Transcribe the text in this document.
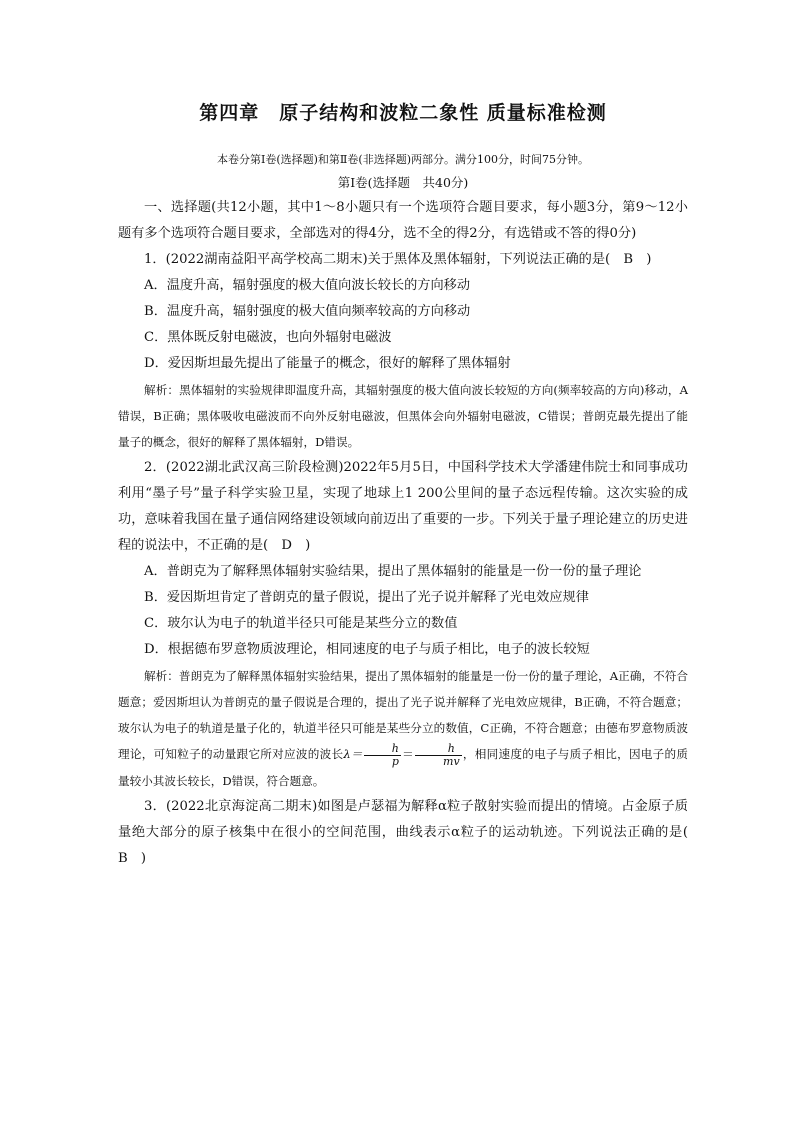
第四章　原子结构和波粒二象性 质量标准检测

本卷分第Ⅰ卷(选择题)和第Ⅱ卷(非选择题)两部分。满分100分，时间75分钟。

第Ⅰ卷(选择题　共40分)

一、选择题(共12小题，其中1～8小题只有一个选项符合题目要求，每小题3分，第9～12小题有多个选项符合题目要求，全部选对的得4分，选不全的得2分，有选错或不答的得0分)

1．(2022湖南益阳平高学校高二期末)关于黑体及黑体辐射，下列说法正确的是(　B　)

A．温度升高，辐射强度的极大值向波长较长的方向移动

B．温度升高，辐射强度的极大值向频率较高的方向移动

C．黑体既反射电磁波，也向外辐射电磁波

D．爱因斯坦最先提出了能量子的概念，很好的解释了黑体辐射

解析：黑体辐射的实验规律即温度升高，其辐射强度的极大值向波长较短的方向(频率较高的方向)移动，A错误，B正确；黑体吸收电磁波而不向外反射电磁波，但黑体会向外辐射电磁波，C错误；普朗克最先提出了能量子的概念，很好的解释了黑体辐射，D错误。

2．(2022湖北武汉高三阶段检测)2022年5月5日，中国科学技术大学潘建伟院士和同事成功利用“墨子号”量子科学实验卫星，实现了地球上1 200公里间的量子态远程传输。这次实验的成功，意味着我国在量子通信网络建设领域向前迈出了重要的一步。下列关于量子理论建立的历史进程的说法中，不正确的是(　D　)

A．普朗克为了解释黑体辐射实验结果，提出了黑体辐射的能量是一份一份的量子理论

B．爱因斯坦肯定了普朗克的量子假说，提出了光子说并解释了光电效应规律

C．玻尔认为电子的轨道半径只可能是某些分立的数值

D．根据德布罗意物质波理论，相同速度的电子与质子相比，电子的波长较短

解析：普朗克为了解释黑体辐射实验结果，提出了黑体辐射的能量是一份一份的量子理论，A正确，不符合题意；爱因斯坦认为普朗克的量子假说是合理的，提出了光子说并解释了光电效应规律，B正确，不符合题意；玻尔认为电子的轨道是量子化的，轨道半径只可能是某些分立的数值，C正确，不符合题意；由德布罗意物质波理论，可知粒子的动量跟它所对应波的波长$\lambda= \frac{h}{p} = \frac{h}{mv}$ ，相同速度的电子与质子相比，因电子的质量较小其波长较长，D错误，符合题意。

3．(2022北京海淀高二期末)如图是卢瑟福为解释α粒子散射实验而提出的情境。占金原子质量绝大部分的原子核集中在很小的空间范围，曲线表示α粒子的运动轨迹。下列说法正确的是(　B　)
